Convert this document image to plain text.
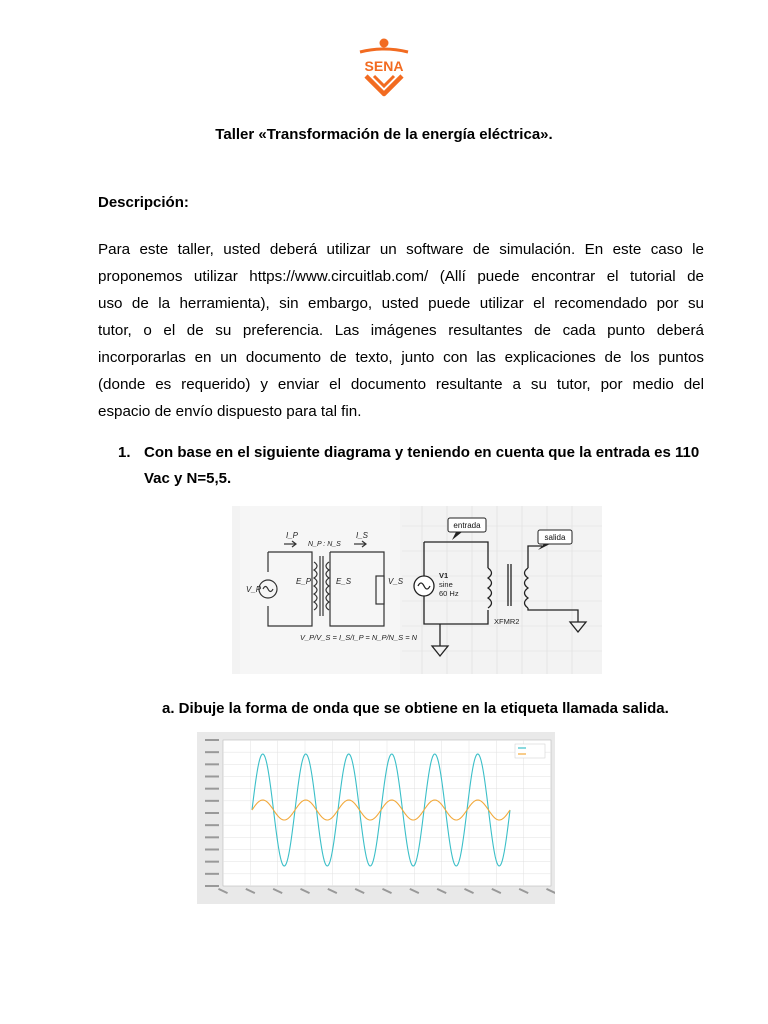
SENA
Taller «Transformación de la energía eléctrica».
Descripción:
Para este taller, usted deberá utilizar un software de simulación. En este caso le
proponemos utilizar https://www.circuitlab.com/ (Allí puede encontrar el tutorial de
uso de la herramienta), sin embargo, usted puede utilizar el recomendado por su
tutor, o el de su preferencia. Las imágenes resultantes de cada punto deberá
incorporarlas en un documento de texto, junto con las explicaciones de los puntos
(donde es requerido) y enviar el documento resultante a su tutor, por medio del
espacio de envío dispuesto para tal fin.
1. Con base en el siguiente diagrama y teniendo en cuenta que la entrada es 110 Vac y N=5,5.
I_P
N_P : N_S
I_S
V_P
E_P	E_S	V_S
V_P/V_S = I_S/I_P = N_P/N_S = N
entrada
salida
V1
sine
60 Hz
XFMR2
a. Dibuje la forma de onda que se obtiene en la etiqueta llamada salida.
